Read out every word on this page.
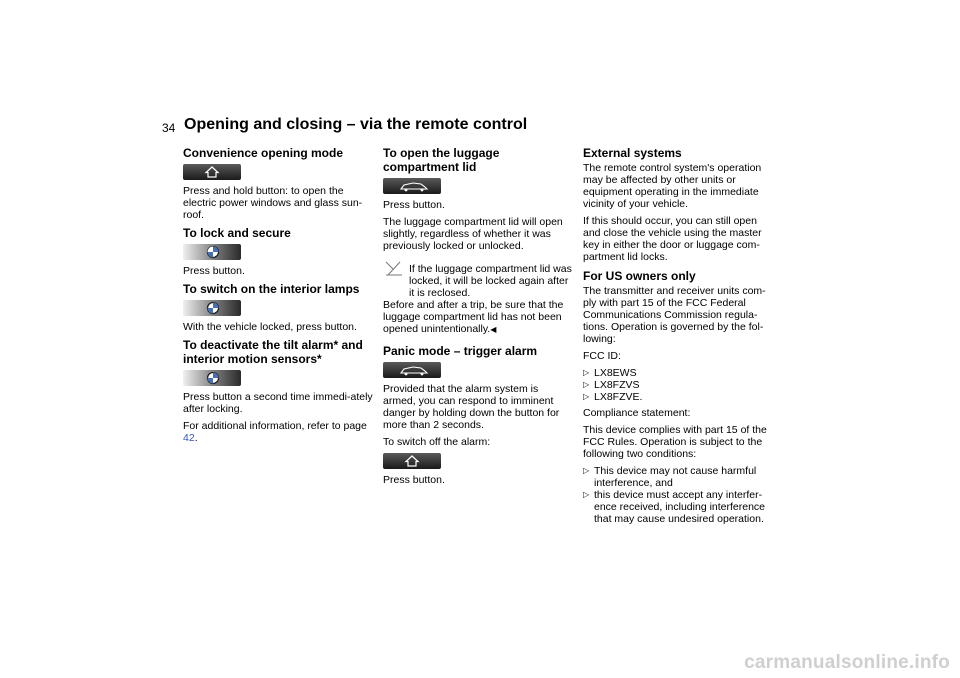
34 Opening and closing – via the remote control
Convenience opening mode

Press and hold button: to open the electric power windows and glass sun-roof.

To lock and secure

Press button.

To switch on the interior lamps

With the vehicle locked, press button.

To deactivate the tilt alarm* and interior motion sensors*

Press button a second time immedi-ately after locking.

For additional information, refer to page 42.

To open the luggage compartment lid

Press button.

The luggage compartment lid will open slightly, regardless of whether it was previously locked or unlocked.

If the luggage compartment lid was locked, it will be locked again after it is reclosed.

Before and after a trip, be sure that the luggage compartment lid has not been opened unintentionally.◀

Panic mode – trigger alarm

Provided that the alarm system is armed, you can respond to imminent danger by holding down the button for more than 2 seconds.

To switch off the alarm:

Press button.

External systems

The remote control system's operation may be affected by other units or equipment operating in the immediate vicinity of your vehicle.

If this should occur, you can still open and close the vehicle using the master key in either the door or luggage com-partment lid locks.

For US owners only

The transmitter and receiver units com-ply with part 15 of the FCC Federal Communications Commission regula-tions. Operation is governed by the fol-lowing:

FCC ID:

▷ LX8EWS
▷ LX8FZVS
▷ LX8FZVE.

Compliance statement:

This device complies with part 15 of the FCC Rules. Operation is subject to the following two conditions:

▷ This device may not cause harmful interference, and
▷ this device must accept any interfer-ence received, including interference that may cause undesired operation.
carmanualsonline.info
